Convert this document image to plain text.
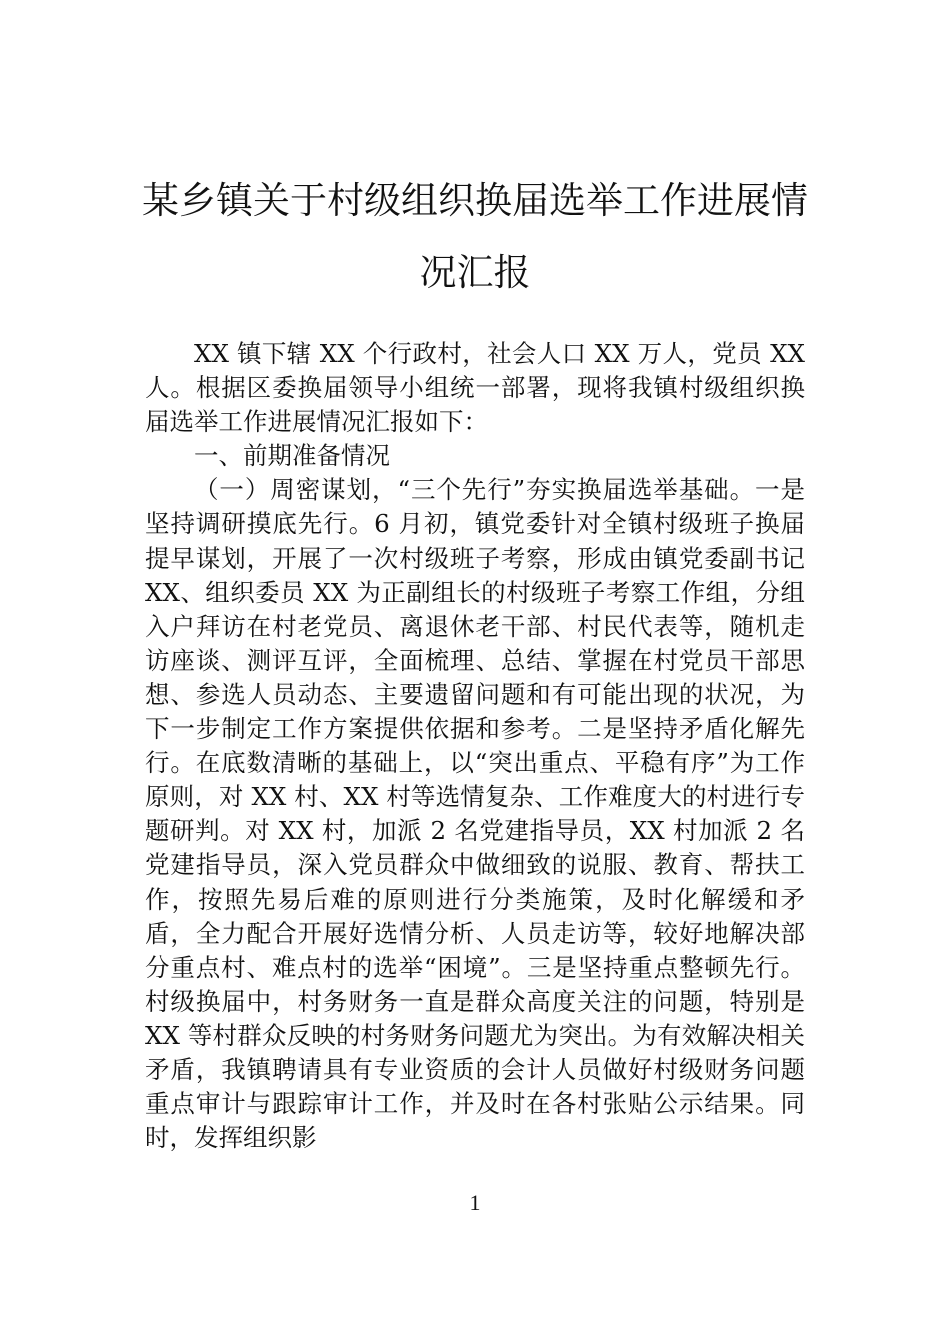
某乡镇关于村级组织换届选举工作进展情
况汇报

XX 镇下辖 XX 个行政村，社会人口 XX 万人，党员 XX 人。根据区委换届领导小组统一部署，现将我镇村级组织换届选举工作进展情况汇报如下：

一、前期准备情况

（一）周密谋划，“三个先行”夯实换届选举基础。一是坚持调研摸底先行。6 月初，镇党委针对全镇村级班子换届提早谋划，开展了一次村级班子考察，形成由镇党委副书记 XX、组织委员 XX 为正副组长的村级班子考察工作组，分组入户拜访在村老党员、离退休老干部、村民代表等，随机走访座谈、测评互评，全面梳理、总结、掌握在村党员干部思想、参选人员动态、主要遗留问题和有可能出现的状况，为下一步制定工作方案提供依据和参考。二是坚持矛盾化解先行。在底数清晰的基础上，以“突出重点、平稳有序”为工作原则，对 XX 村、XX 村等选情复杂、工作难度大的村进行专题研判。对 XX 村，加派 2 名党建指导员，XX 村加派 2 名党建指导员，深入党员群众中做细致的说服、教育、帮扶工作，按照先易后难的原则进行分类施策，及时化解缓和矛盾，全力配合开展好选情分析、人员走访等，较好地解决部分重点村、难点村的选举“困境”。三是坚持重点整顿先行。村级换届中，村务财务一直是群众高度关注的问题，特别是 XX 等村群众反映的村务财务问题尤为突出。为有效解决相关矛盾，我镇聘请具有专业资质的会计人员做好村级财务问题重点审计与跟踪审计工作，并及时在各村张贴公示结果。同时，发挥组织影

1
